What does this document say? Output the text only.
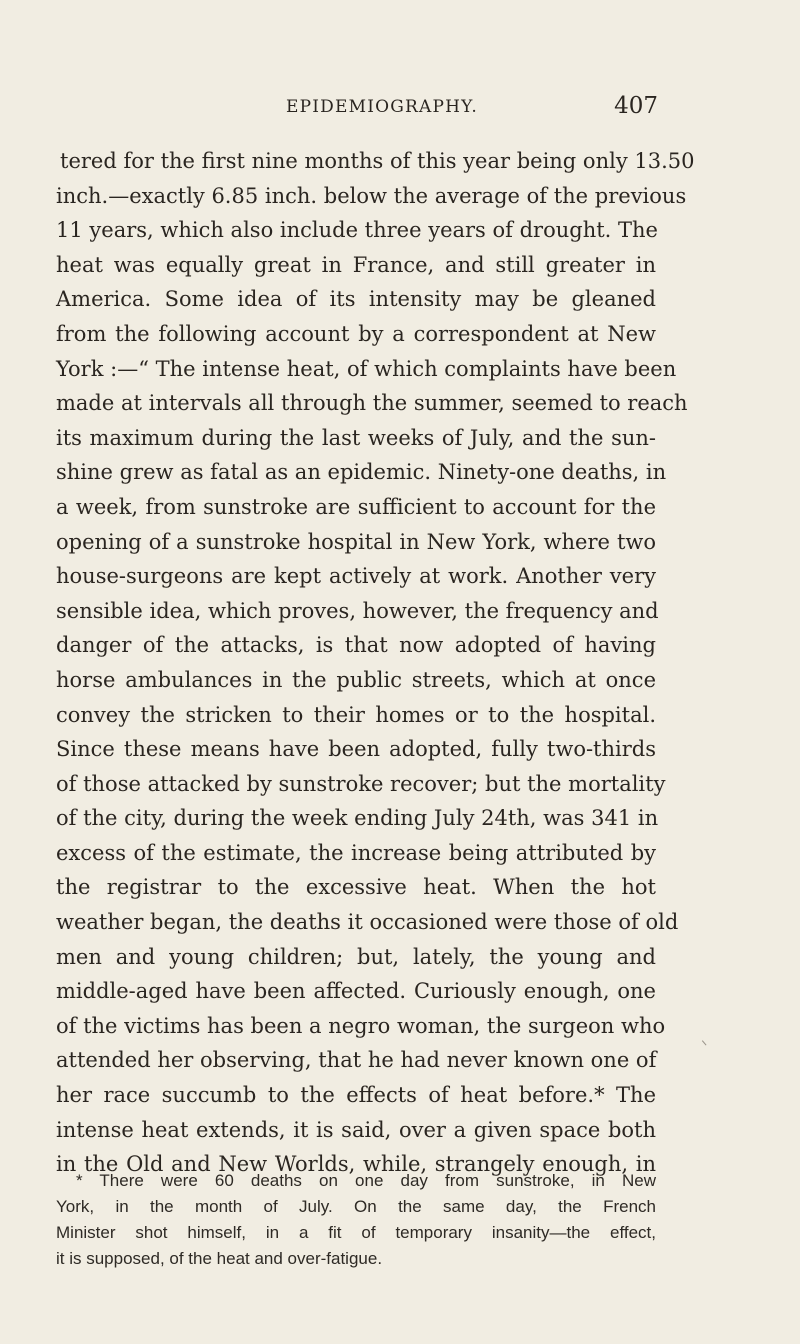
EPIDEMIOGRAPHY.	407
tered for the first nine months of this year being only 13.50
inch.—exactly 6.85 inch. below the average of the previous
11 years, which also include three years of drought. The
heat was equally great in France, and still greater in
America. Some idea of its intensity may be gleaned
from the following account by a correspondent at New
York :—“ The intense heat, of which complaints have been
made at intervals all through the summer, seemed to reach
its maximum during the last weeks of July, and the sun-
shine grew as fatal as an epidemic. Ninety-one deaths, in
a week, from sunstroke are sufficient to account for the
opening of a sunstroke hospital in New York, where two
house-surgeons are kept actively at work. Another very
sensible idea, which proves, however, the frequency and
danger of the attacks, is that now adopted of having
horse ambulances in the public streets, which at once
convey the stricken to their homes or to the hospital.
Since these means have been adopted, fully two-thirds
of those attacked by sunstroke recover; but the mortality
of the city, during the week ending July 24th, was 341 in
excess of the estimate, the increase being attributed by
the registrar to the excessive heat. When the hot
weather began, the deaths it occasioned were those of old
men and young children; but, lately, the young and
middle-aged have been affected. Curiously enough, one
of the victims has been a negro woman, the surgeon who
attended her observing, that he had never known one of
her race succumb to the effects of heat before.* The
intense heat extends, it is said, over a given space both
in the Old and New Worlds, while, strangely enough, in
* There were 60 deaths on one day from sunstroke, in New
York, in the month of July. On the same day, the French
Minister shot himself, in a fit of temporary insanity—the effect,
it is supposed, of the heat and over-fatigue.
